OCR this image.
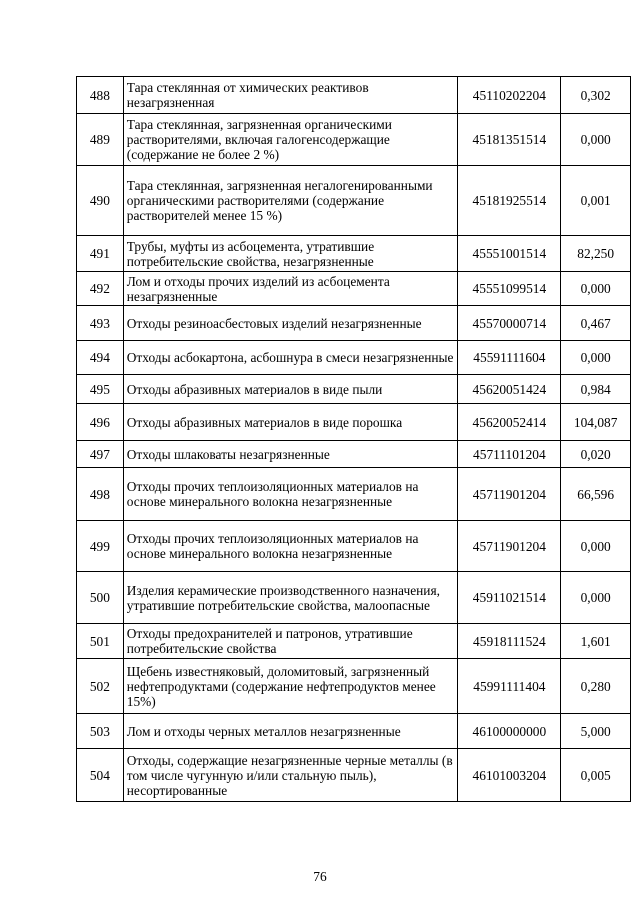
488	Тара стеклянная от химических реактивов незагрязненная	45110202204	0,302
489	Тара стеклянная, загрязненная органическими растворителями, включая галогенсодержащие (содержание не более 2 %)	45181351514	0,000
490	Тара стеклянная, загрязненная негалогенированными органическими растворителями (содержание растворителей менее 15 %)	45181925514	0,001
491	Трубы, муфты из асбоцемента, утратившие потребительские свойства, незагрязненные	45551001514	82,250
492	Лом и отходы прочих изделий из асбоцемента незагрязненные	45551099514	0,000
493	Отходы резиноасбестовых изделий незагрязненные	45570000714	0,467
494	Отходы асбокартона, асбошнура в смеси незагрязненные	45591111604	0,000
495	Отходы абразивных материалов в виде пыли	45620051424	0,984
496	Отходы абразивных материалов в виде порошка	45620052414	104,087
497	Отходы шлаковаты незагрязненные	45711101204	0,020
498	Отходы прочих теплоизоляционных материалов на основе минерального волокна незагрязненные	45711901204	66,596
499	Отходы прочих теплоизоляционных материалов на основе минерального волокна незагрязненные	45711901204	0,000
500	Изделия керамические производственного назначения, утратившие потребительские свойства, малоопасные	45911021514	0,000
501	Отходы предохранителей и патронов, утратившие потребительские свойства	45918111524	1,601
502	Щебень известняковый, доломитовый, загрязненный нефтепродуктами (содержание нефтепродуктов менее 15%)	45991111404	0,280
503	Лом и отходы черных металлов незагрязненные	46100000000	5,000
504	Отходы, содержащие незагрязненные черные металлы (в том числе чугунную и/или стальную пыль), несортированные	46101003204	0,005
76
